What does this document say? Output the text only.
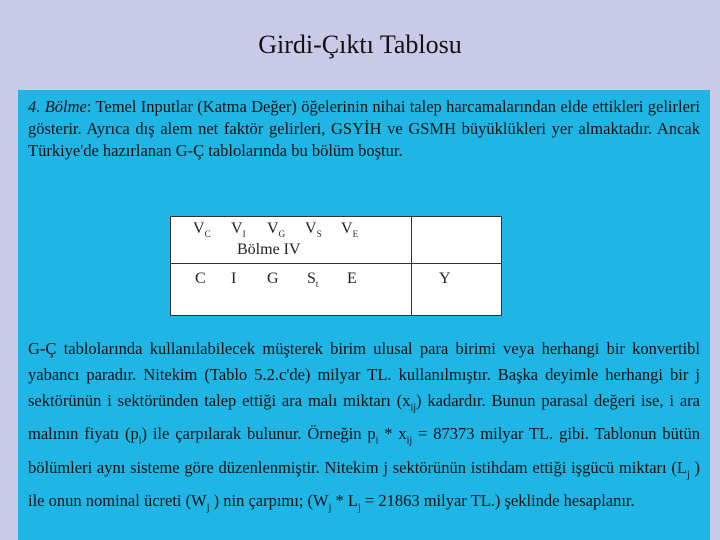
Girdi-Çıktı Tablosu
4. Bölme: Temel Inputlar (Katma Değer) öğelerinin nihai talep harcamalarından elde ettikleri gelirleri gösterir. Ayrıca dış alem net faktör gelirleri, GSYİH ve GSMH büyüklükleri yer almaktadır. Ancak Türkiye'de hazırlanan G-Ç tablolarında bu bölüm boştur.
$V_C$ $V_I$ $V_G$ $V_S$ $V_E$
Bölme IV
C I G $S_t$ E	Y
G-Ç tablolarında kullanılabilecek müşterek birim ulusal para birimi veya herhangi bir konvertibl yabancı paradır. Nitekim (Tablo 5.2.c'de) milyar TL. kullanılmıştır. Başka deyimle herhangi bir j sektörünün i sektöründen talep ettiği ara malı miktarı $(x_{ij})$ kadardır. Bunun parasal değeri ise, i ara malının fiyatı $(p_i)$ ile çarpılarak bulunur. Örneğin $p_i * x_{ij} = 87373$ milyar TL. gibi. Tablonun bütün bölümleri aynı sisteme göre düzenlenmiştir. Nitekim j sektörünün istihdam ettiği işgücü miktarı ($L_j$ ) ile onun nominal ücreti ($W_j$ ) nin çarpımı; ($W_j * L_j = 21863$ milyar TL.) şeklinde hesaplanır.
